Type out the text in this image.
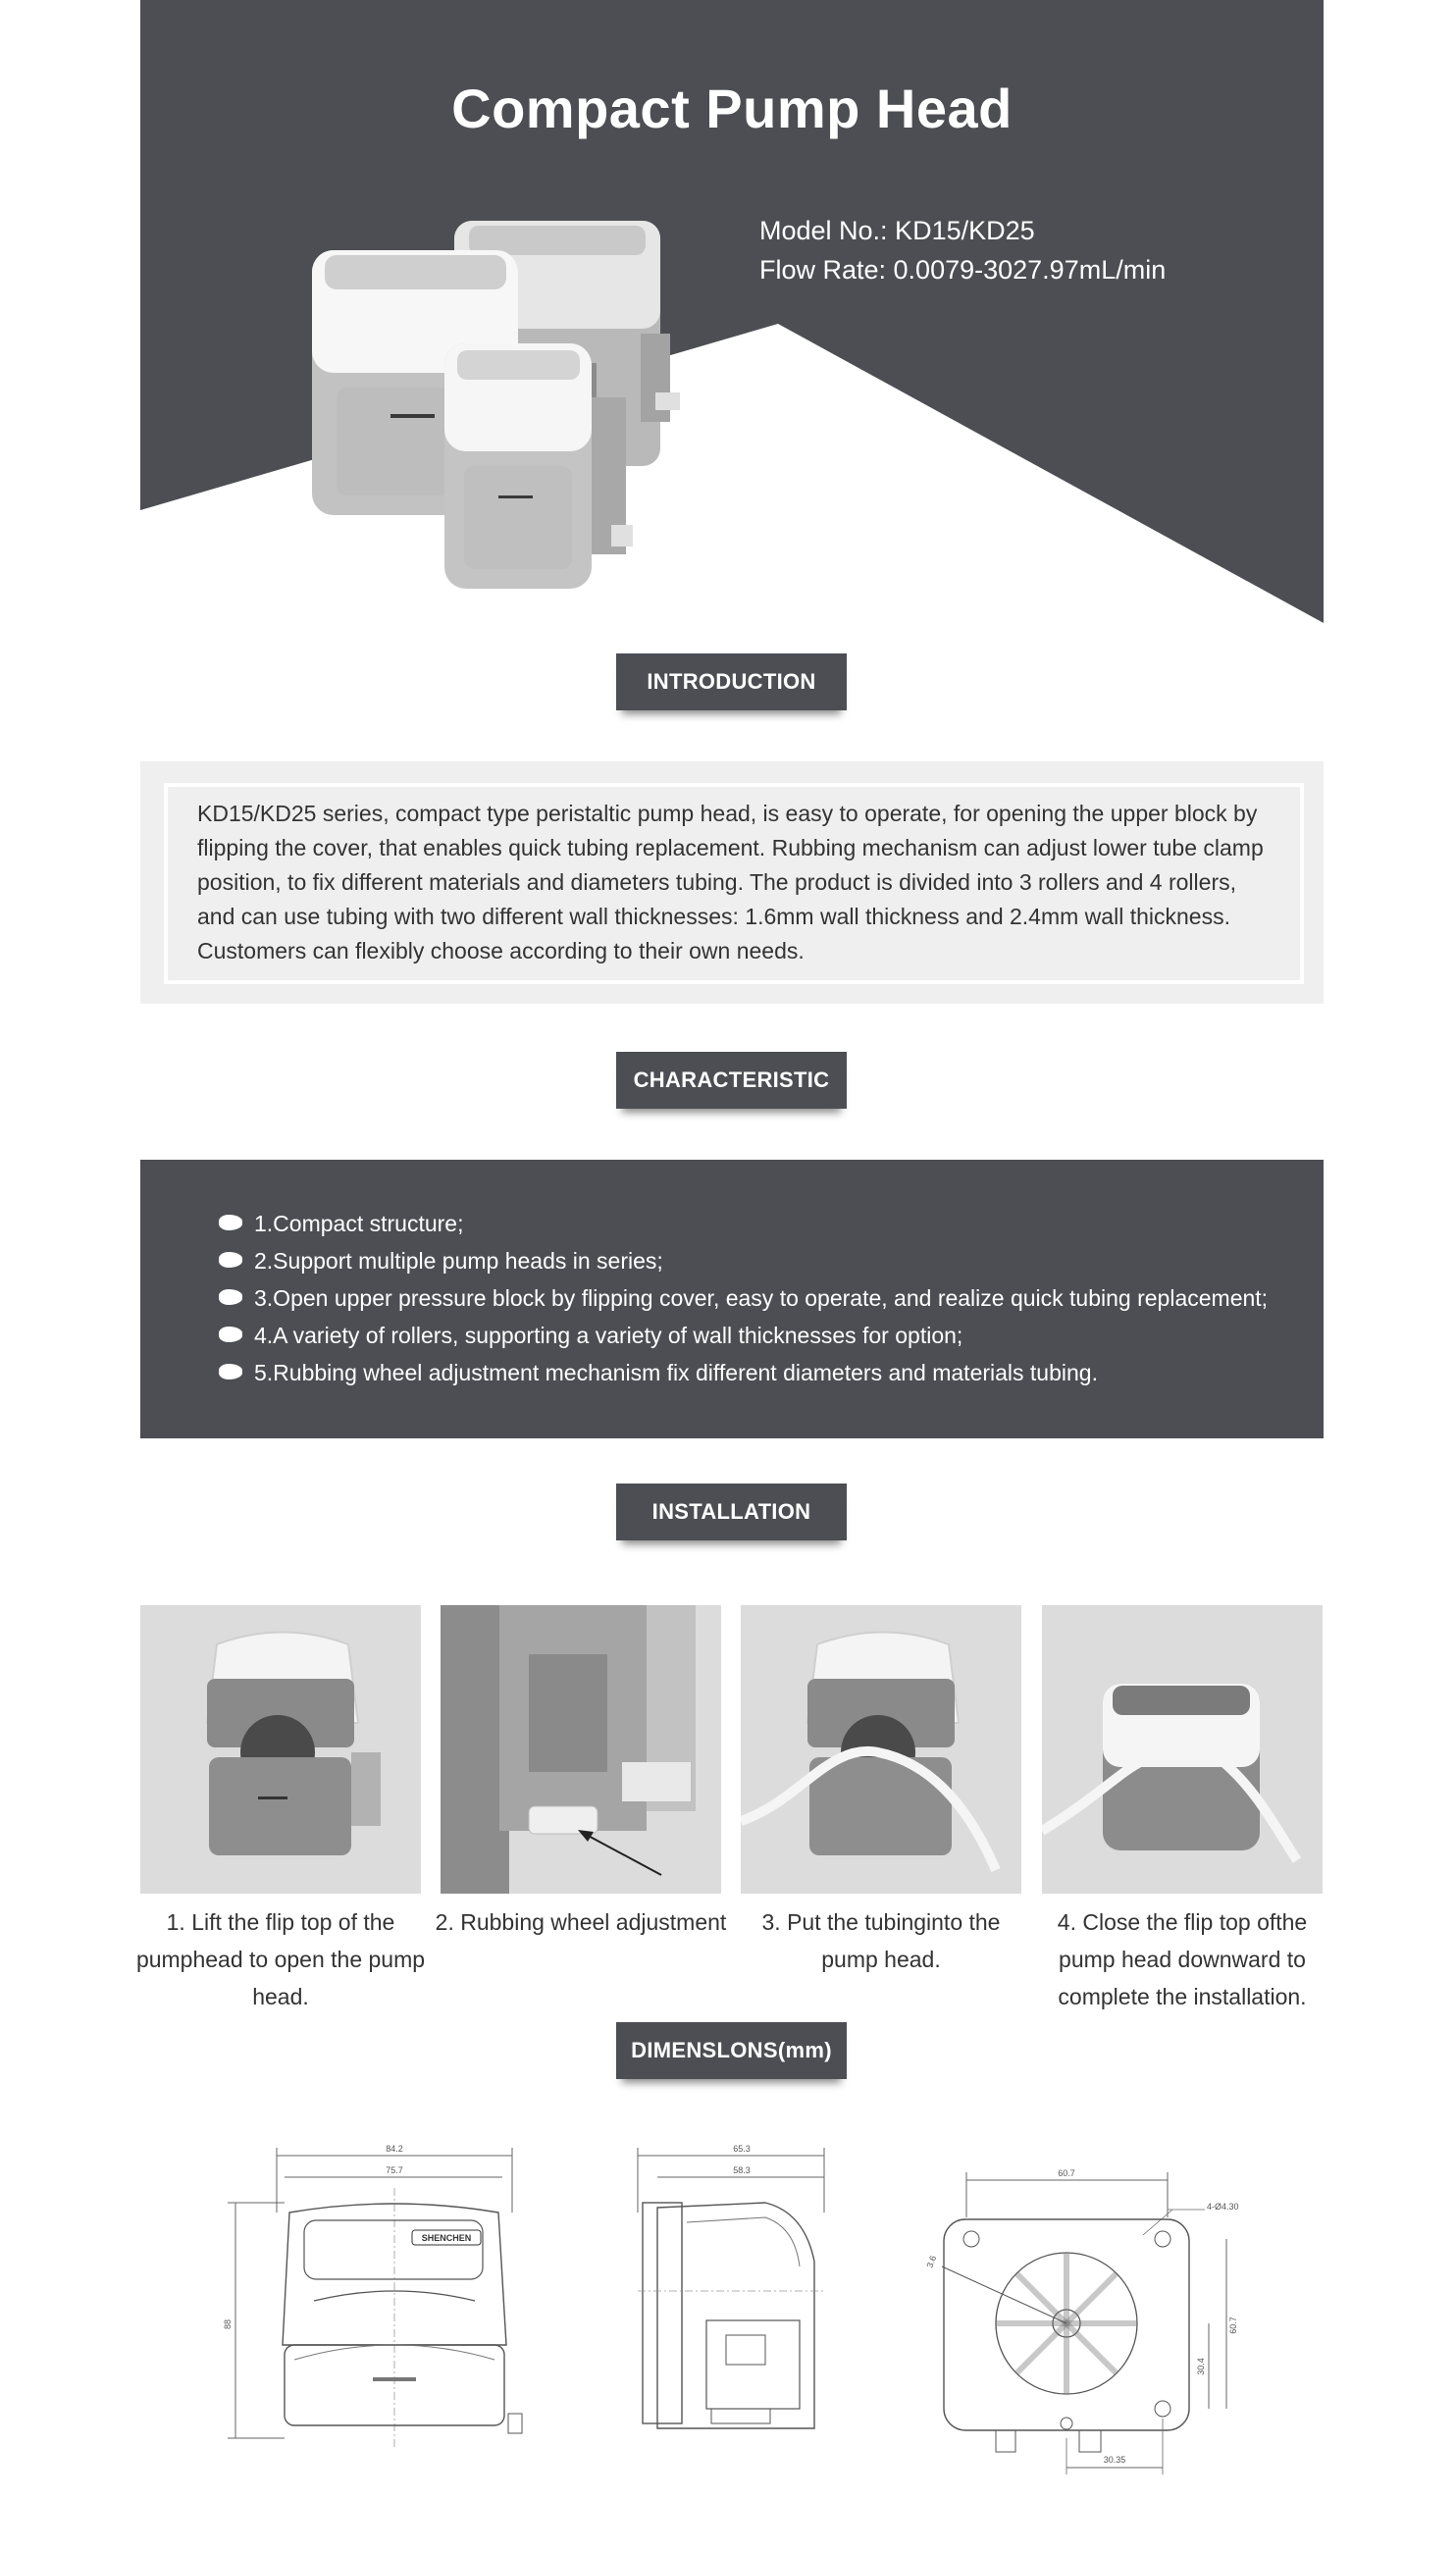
Compact Pump Head
Model No.: KD15/KD25
Flow Rate: 0.0079-3027.97mL/min
INTRODUCTION
KD15/KD25 series, compact type peristaltic pump head, is easy to operate, for opening the upper block by flipping the cover, that enables quick tubing replacement. Rubbing mechanism can adjust lower tube clamp position, to fix different materials and diameters tubing. The product is divided into 3 rollers and 4 rollers, and can use tubing with two different wall thicknesses: 1.6mm wall thickness and 2.4mm wall thickness. Customers can flexibly choose according to their own needs.
CHARACTERISTIC
1.Compact structure;
2.Support multiple pump heads in series;
3.Open upper pressure block by flipping cover, easy to operate, and realize quick tubing replacement;
4.A variety of rollers, supporting a variety of wall thicknesses for option;
5.Rubbing wheel adjustment mechanism fix different diameters and materials tubing.
INSTALLATION
1. Lift the flip top of the pumphead to open the pump head.
2. Rubbing wheel adjustment	3. Put the tubinginto the pump head.
4. Close the flip top ofthe pump head downward to complete the installation.
DIMENSLONS(mm)
84.2
75.7
88
SHENCHEN
65.3
58.3	60.7
4-Ø4.30
3.6
60.7
30.4
30.35
